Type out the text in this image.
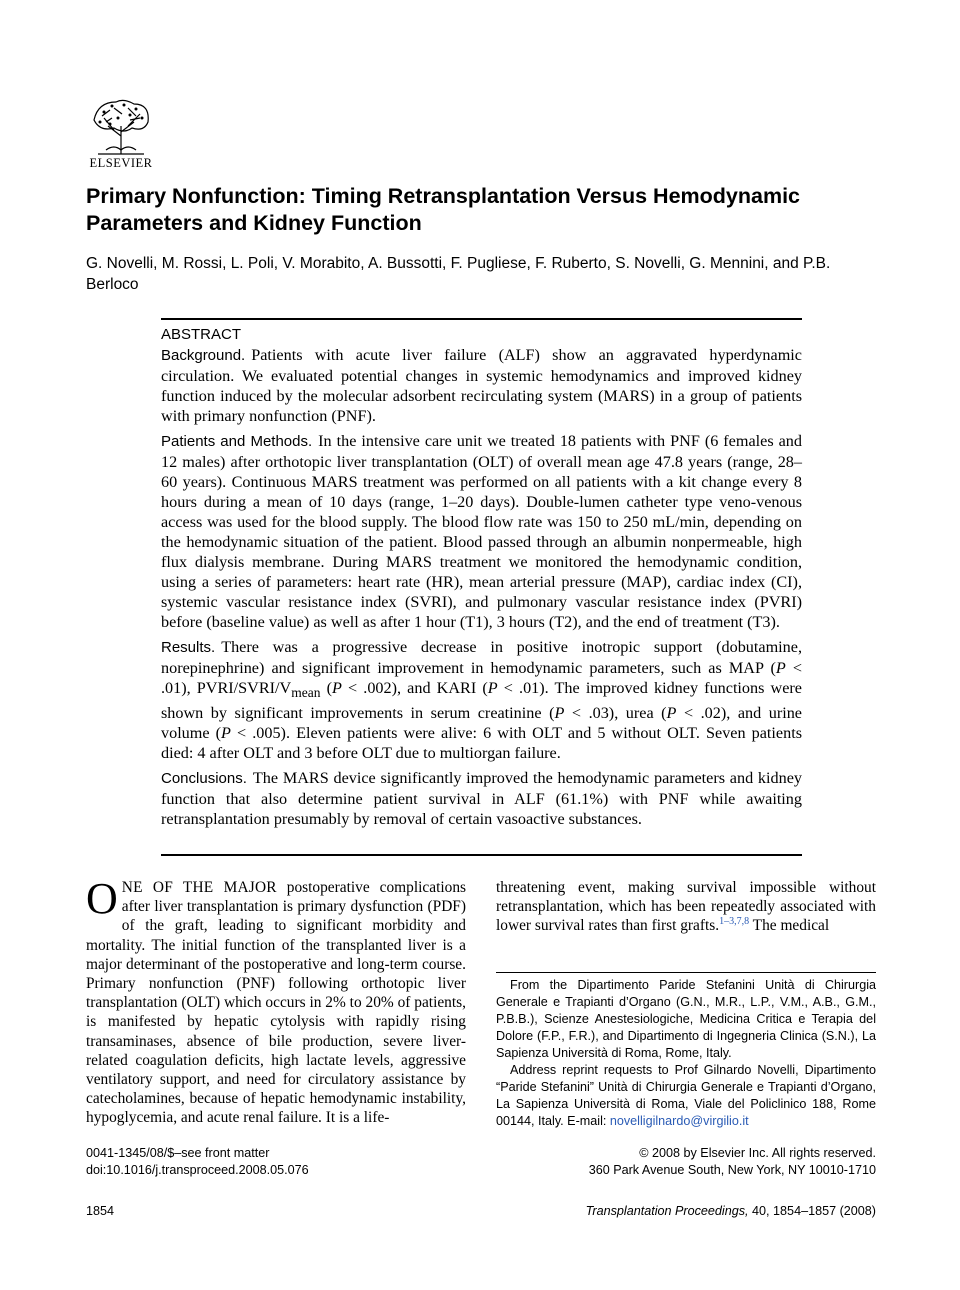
ELSEVIER
Primary Nonfunction: Timing Retransplantation Versus Hemodynamic Parameters and Kidney Function
G. Novelli, M. Rossi, L. Poli, V. Morabito, A. Bussotti, F. Pugliese, F. Ruberto, S. Novelli, G. Mennini, and P.B. Berloco
ABSTRACT

Background. Patients with acute liver failure (ALF) show an aggravated hyperdynamic circulation. We evaluated potential changes in systemic hemodynamics and improved kidney function induced by the molecular adsorbent recirculating system (MARS) in a group of patients with primary nonfunction (PNF).

Patients and Methods. In the intensive care unit we treated 18 patients with PNF (6 females and 12 males) after orthotopic liver transplantation (OLT) of overall mean age 47.8 years (range, 28–60 years). Continuous MARS treatment was performed on all patients with a kit change every 8 hours during a mean of 10 days (range, 1–20 days). Double-lumen catheter type veno-venous access was used for the blood supply. The blood flow rate was 150 to 250 mL/min, depending on the hemodynamic situation of the patient. Blood passed through an albumin nonpermeable, high flux dialysis membrane. During MARS treatment we monitored the hemodynamic condition, using a series of parameters: heart rate (HR), mean arterial pressure (MAP), cardiac index (CI), systemic vascular resistance index (SVRI), and pulmonary vascular resistance index (PVRI) before (baseline value) as well as after 1 hour (T1), 3 hours (T2), and the end of treatment (T3).

Results. There was a progressive decrease in positive inotropic support (dobutamine, norepinephrine) and significant improvement in hemodynamic parameters, such as MAP (P < .01), PVRI/$SVRI/V_{mean}$ (P < .002), and KARI (P < .01). The improved kidney functions were shown by significant improvements in serum creatinine (P < .03), urea (P < .02), and urine volume (P < .005). Eleven patients were alive: 6 with OLT and 5 without OLT. Seven patients died: 4 after OLT and 3 before OLT due to multiorgan failure.

Conclusions. The MARS device significantly improved the hemodynamic parameters and kidney function that also determine patient survival in ALF (61.1%) with PNF while awaiting retransplantation presumably by removal of certain vasoactive substances.

ONE OF THE MAJOR postoperative complications after liver transplantation is primary dysfunction (PDF) of the graft, leading to significant morbidity and mortality. The initial function of the transplanted liver is a major determinant of the postoperative and long-term course. Primary nonfunction (PNF) following orthotopic liver transplantation (OLT) which occurs in 2% to 20% of patients, is manifested by hepatic cytolysis with rapidly rising transaminases, absence of bile production, severe liver-related coagulation deficits, high lactate levels, aggressive ventilatory support, and need for circulatory assistance by catecholamines, because of hepatic hemodynamic instability, hypoglycemia, and acute renal failure. It is a life-
threatening event, making survival impossible without retransplantation, which has been repeatedly associated with lower survival rates than first grafts.$^{1-3,7,8}$ The medical

From the Dipartimento Paride Stefanini Unità di Chirurgia Generale e Trapianti d’Organo (G.N., M.R., L.P., V.M., A.B., G.M., P.B.B.), Scienze Anestesiologiche, Medicina Critica e Terapia del Dolore (F.P., F.R.), and Dipartimento di Ingegneria Clinica (S.N.), La Sapienza Università di Roma, Rome, Italy.

Address reprint requests to Prof Gilnardo Novelli, Dipartimento “Paride Stefanini” Unità di Chirurgia Generale e Trapianti d’Organo, La Sapienza Università di Roma, Viale del Policlinico 188, Rome 00144, Italy. E-mail: novelligilnardo@virgilio.it

0041-1345/08/$–see front matter
doi:10.1016/j.transproceed.2008.05.076
© 2008 by Elsevier Inc. All rights reserved.
360 Park Avenue South, New York, NY 10010-1710
1854	Transplantation Proceedings, 40, 1854–1857 (2008)
